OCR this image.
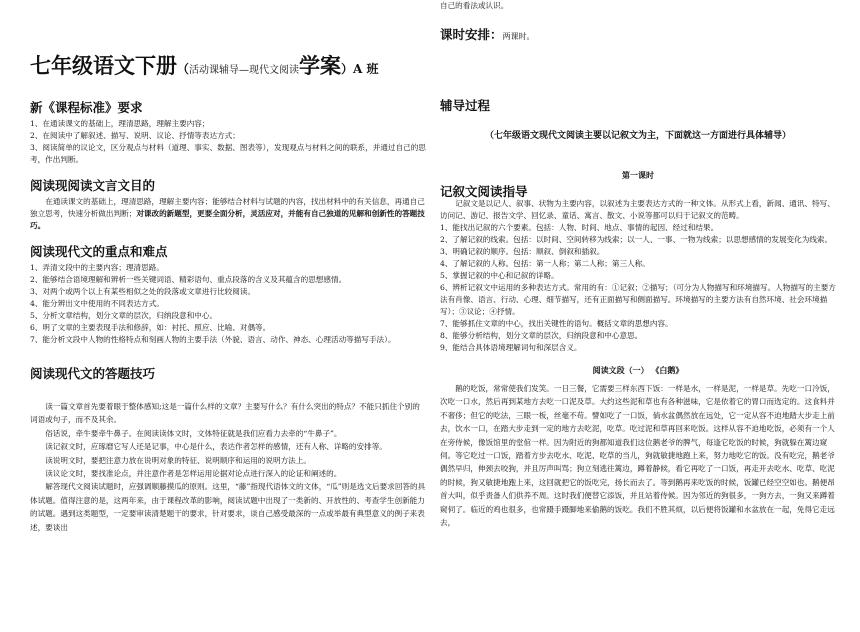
七年级语文下册（活动课辅导—现代文阅读学案）A 班
新《课程标准》要求

1、在通读课文的基础上，理清思路，理解主要内容；

2、在阅读中了解叙述、描写、说明、议论、抒情等表达方式；

3、阅读简单的议论文，区分观点与材料（道理、事实、数据、图表等），发现观点与材料之间的联系，并通过自己的思考，作出判断。

阅读现阅读文言文目的
在通读课文的基础上，理清思路，理解主要内容；能够结合材料与试题的内容，找出材料中的有关信息，再通自己独立思考，快速分析做出判断；对课改的新题型，更要全面分析，灵活应对，并能有自己独道的见解和创新性的答题技巧。
阅读现代文的重点和难点

1、弄清文段中的主要内容；理清思路。

2、能够结合语境理解和辨析一些关键词语、精彩语句、重点段落的含义及其蕴含的思想感情。

3、对两个或两个以上有某些相似之处的段落或文章进行比较阅读。

4、能分辨出文中使用的不同表达方式。

5、分析文章结构，划分文章的层次，归纳段意和中心。

6、明了文章的主要表现手法和修辞，如：衬托、照应、比喻、对偶等。

7、能分析文段中人物的性格特点和刻画人物的主要手法（外貌、语言、动作、神态、心理活动等描写手法）。

阅读现代文的答题技巧

读一篇文章首先要着眼于整体感知;这是一篇什么样的文章？主要写什么？有什么突出的特点？不能只抓住个别的词语或句子，而不及其余。

俗话说，牵牛要牵牛鼻子。在阅读读体文时，文体特征就是我们应看力去牵的“牛鼻子”。

读记叙文时，应琢磨它写人还是记事，中心是什么，表达作者怎样的感情，还有人称、详略的安排等。

读说明文时，要把注意力放在说明对象的特征、说明顺序和运用的说明方法上。

读议论文时，要找准论点，并注意作者是怎样运用论据对论点进行深入的论证和阐述的。

解答现代文阅读试题时，应强调顺藤摸瓜的原则。这里，“藤”指现代语体文的文体，“瓜”则是选文后要求回答的具体试题。值得注意的是，这两年来，由于课程改革的影响，阅读试题中出现了一类新的、开放性的、考查学生创新能力的试题。遇到这类题型，一定要审读清楚题干的要求，针对要求，谈自己感受最深的一点或举最有典型意义的例子来表述，要谈出

自己的看法或认识。
课时安排：两课时。
辅导过程
（七年级语文现代文阅读主要以记叙文为主，下面就这一方面进行具体辅导）
第一课时
记叙文阅读指导

记叙文是以记人、叙事、状物为主要内容，以叙述为主要表达方式的一种文体。从形式上看，新闻、通讯、特写、访问记、游记、报告文学、回忆录、童话、寓言、散文、小说等都可以归于记叙文的范畴。

1、能找出记叙的六个要素。包括：人物、时间、地点、事情的起因、经过和结果。

2、了解记叙的线索。包括：以时间、空间转移为线索；以一人、一事、一物为线索；以思想感情的发展变化为线索。

3、明确记叙的顺序。包括：顺叙、倒叙和插叙。

4、了解记叙的人称。包括：第一人称；第二人称；第三人称。

5、掌握记叙的中心和记叙的详略。

6、辨析记叙文中运用的多种表达方式。常用的有：①记叙；②描写；（可分为人物描写和环境描写。人物描写的主要方法有肖像、语言、行动、心理、细节描写，还有正面描写和侧面描写。环境描写的主要方法有自然环境、社会环境描写）；③议论；④抒情。

7、能够抓住文章的中心，找出关键性的语句。概括文章的思想内容。

8、能够分析结构，划分文章的层次，归纳段意和中心意思。

9、能结合具体语境理解词句和深层含义。

阅读文段（一） 《白鹅》
鹅的吃饭，常常使我们发笑。一日三餐，它需要三样东西下饭：一样是水，一样是泥，一样是草。先吃一口冷饭，次吃一口水，然后再到某地方去吃一口泥及草。大约这些泥和草也有各种滋味，它是依着它的胃口而选定的。这食料并不奢侈；但它的吃法，三眼一板，丝毫不苟。譬如吃了一口饭，倘水盆偶然放在远处，它一定从容不迫地踏大步走上前去，饮水一口，在踏大步走到一定的地方去吃泥，吃草。吃过泥和草再回来吃饭。这样从容不迫地吃饭，必须有一个人在旁侍候，像饭馆里的堂倌一样。因为附近的狗都知道我们这位鹅老爷的脾气，每逢它吃饭的时候，狗就躲在篱边窥伺。等它吃过一口饭，踏着方步去吃水、吃泥、吃草的当儿，狗就敏捷地跑上来，努力地吃它的饭。没有吃完，鹅老爷偶然早归，伸颈去咬狗，并且厉声叫骂；狗立刻逃往篱边，蹲着静候，看它再吃了一口饭，再走开去吃水、吃草、吃泥的时候，狗又敏捷地跑上来，这回就把它的饭吃完，扬长而去了。等到鹅再来吃饭的时候，饭罐已经空空如也。鹅便昂首大叫，似乎责备人们供养不周。这时我们便替它添饭，并且站着侍候。因为邻近的狗很多，一狗方去，一狗又来蹲着窥伺了。临近的鸡也很多，也常蹑手蹑脚地来偷鹅的饭吃。我们不胜其烦，以后便将饭罐和水盆放在一起，免得它走远去，
